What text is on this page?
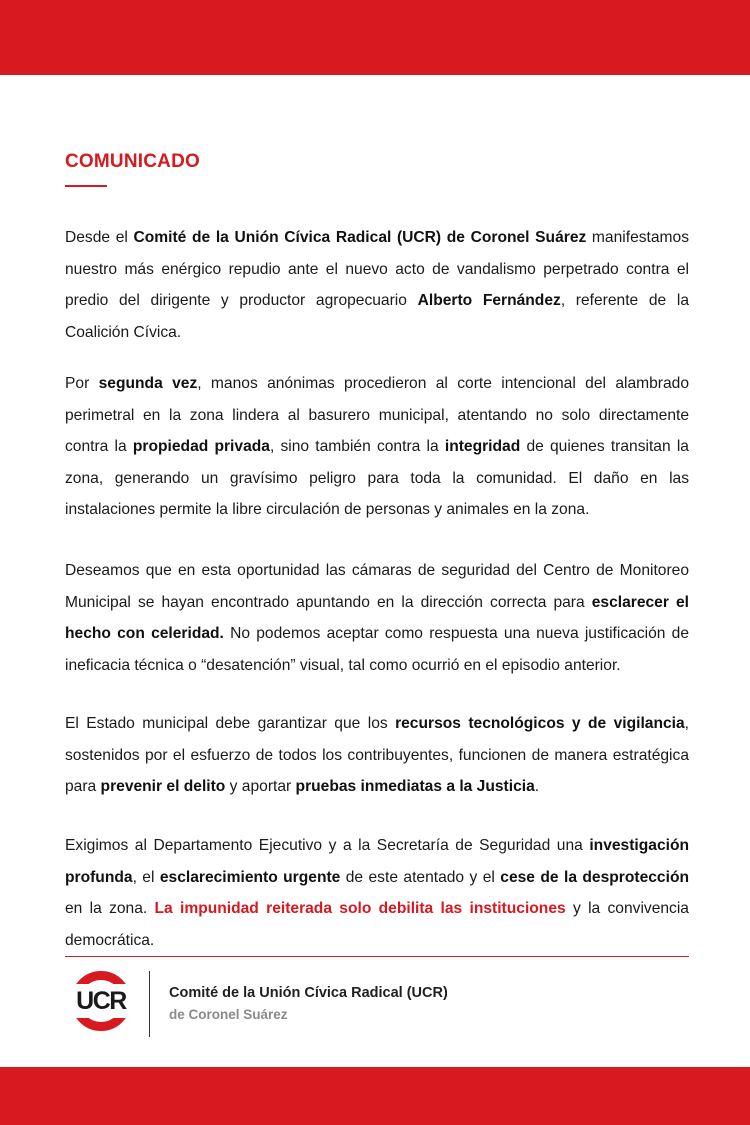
COMUNICADO

Desde el Comité de la Unión Cívica Radical (UCR) de Coronel Suárez manifestamos nuestro más enérgico repudio ante el nuevo acto de vandalismo perpetrado contra el predio del dirigente y productor agropecuario Alberto Fernández, referente de la Coalición Cívica.

Por segunda vez, manos anónimas procedieron al corte intencional del alambrado perimetral en la zona lindera al basurero municipal, atentando no solo directamente contra la propiedad privada, sino también contra la integridad de quienes transitan la zona, generando un gravísimo peligro para toda la comunidad. El daño en las instalaciones permite la libre circulación de personas y animales en la zona.

Deseamos que en esta oportunidad las cámaras de seguridad del Centro de Monitoreo Municipal se hayan encontrado apuntando en la dirección correcta para esclarecer el hecho con celeridad. No podemos aceptar como respuesta una nueva justificación de ineficacia técnica o “desatención” visual, tal como ocurrió en el episodio anterior.

El Estado municipal debe garantizar que los recursos tecnológicos y de vigilancia, sostenidos por el esfuerzo de todos los contribuyentes, funcionen de manera estratégica para prevenir el delito y aportar pruebas inmediatas a la Justicia.

Exigimos al Departamento Ejecutivo y a la Secretaría de Seguridad una investigación profunda, el esclarecimiento urgente de este atentado y el cese de la desprotección en la zona. La impunidad reiterada solo debilita las instituciones y la convivencia democrática.

UCR	Comité de la Unión Cívica Radical (UCR)
de Coronel Suárez
